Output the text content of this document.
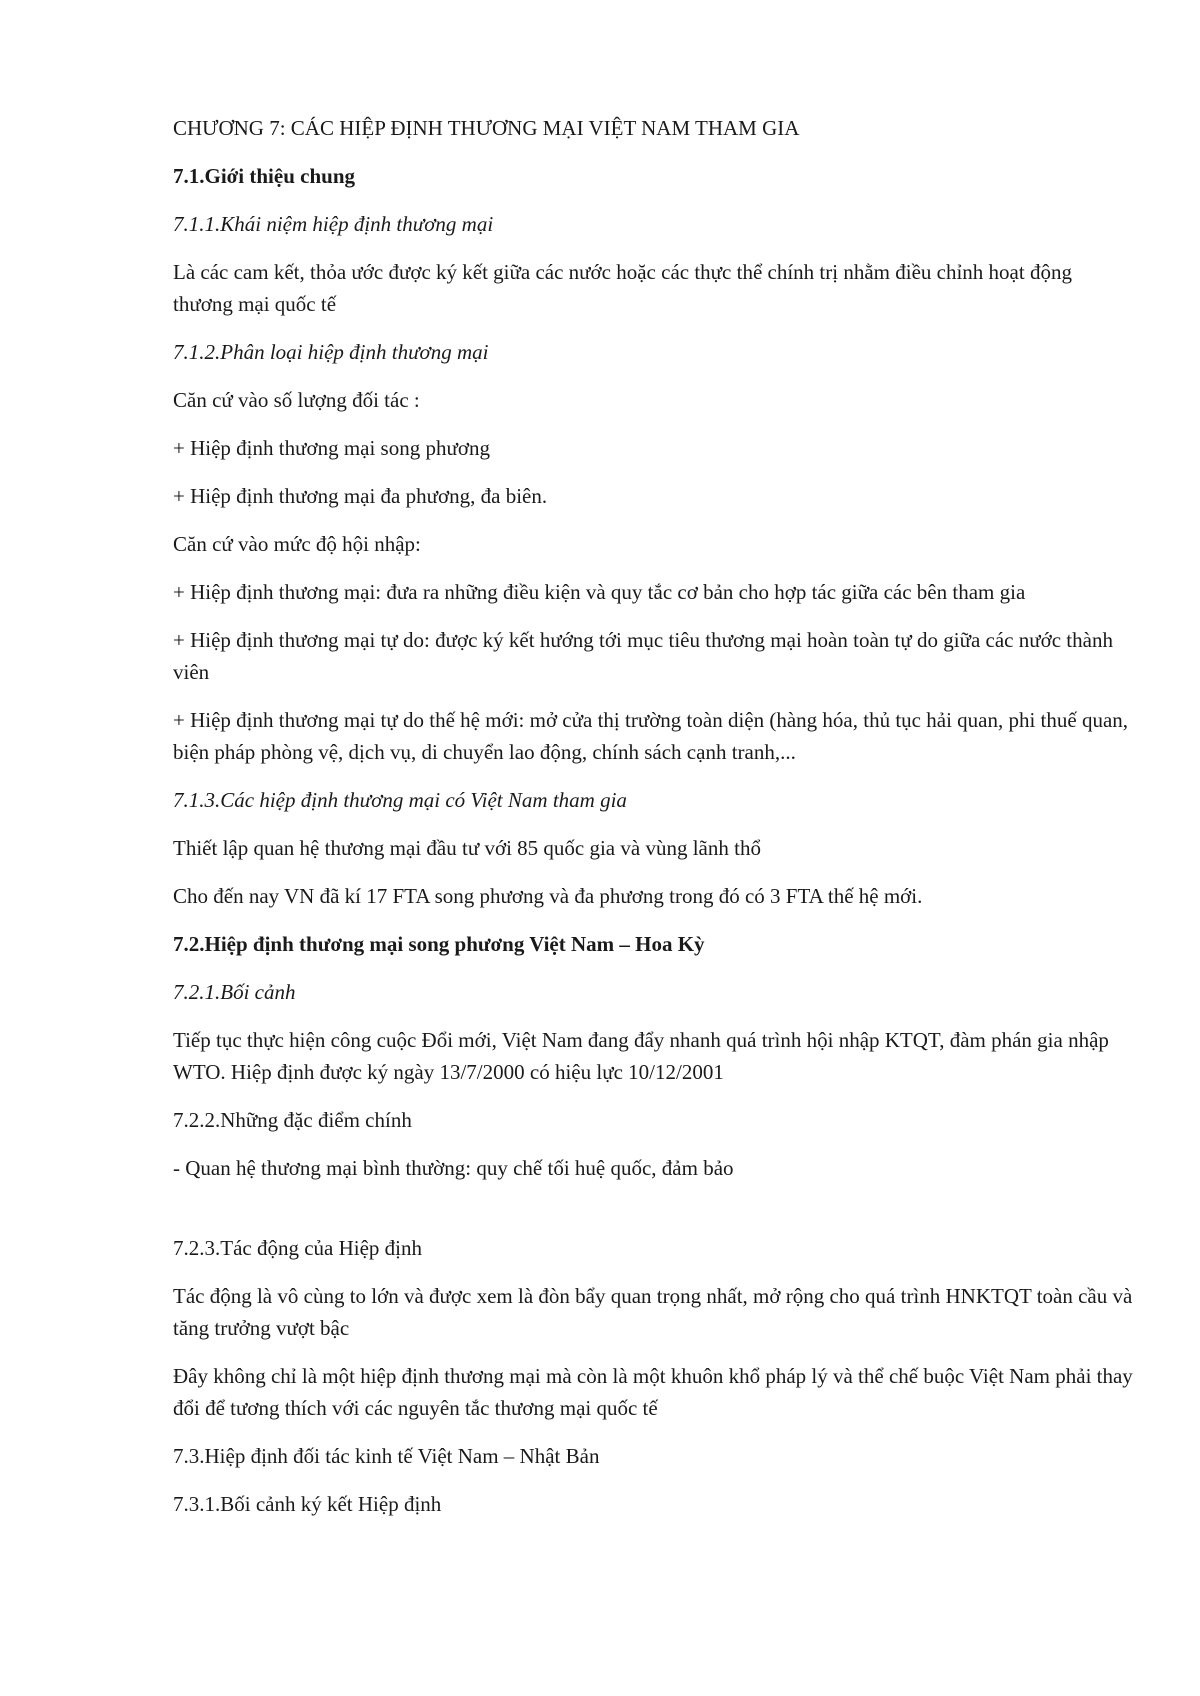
CHƯƠNG 7: CÁC HIỆP ĐỊNH THƯƠNG MẠI VIỆT NAM THAM GIA

7.1.Giới thiệu chung

7.1.1.Khái niệm hiệp định thương mại

Là các cam kết, thỏa ước được ký kết giữa các nước hoặc các thực thể chính trị nhằm điều chỉnh hoạt động thương mại quốc tế

7.1.2.Phân loại hiệp định thương mại

Căn cứ vào số lượng đối tác :

+ Hiệp định thương mại song phương

+ Hiệp định thương mại đa phương, đa biên.

Căn cứ vào mức độ hội nhập:

+ Hiệp định thương mại: đưa ra những điều kiện và quy tắc cơ bản cho hợp tác giữa các bên tham gia

+ Hiệp định thương mại tự do: được ký kết hướng tới mục tiêu thương mại hoàn toàn tự do giữa các nước thành viên

+ Hiệp định thương mại tự do thế hệ mới: mở cửa thị trường toàn diện (hàng hóa, thủ tục hải quan, phi thuế quan, biện pháp phòng vệ, dịch vụ, di chuyển lao động, chính sách cạnh tranh,...

7.1.3.Các hiệp định thương mại có Việt Nam tham gia

Thiết lập quan hệ thương mại đầu tư với 85 quốc gia và vùng lãnh thổ

Cho đến nay VN đã kí 17 FTA song phương và đa phương trong đó có 3 FTA thế hệ mới.

7.2.Hiệp định thương mại song phương Việt Nam – Hoa Kỳ

7.2.1.Bối cảnh

Tiếp tục thực hiện công cuộc Đổi mới, Việt Nam đang đẩy nhanh quá trình hội nhập KTQT, đàm phán gia nhập WTO. Hiệp định được ký ngày 13/7/2000 có hiệu lực 10/12/2001

7.2.2.Những đặc điểm chính

- Quan hệ thương mại bình thường: quy chế tối huệ quốc, đảm bảo

7.2.3.Tác động của Hiệp định

Tác động là vô cùng to lớn và được xem là đòn bẩy quan trọng nhất, mở rộng cho quá trình HNKTQT toàn cầu và tăng trưởng vượt bậc

Đây không chỉ là một hiệp định thương mại mà còn là một khuôn khổ pháp lý và thể chế buộc Việt Nam phải thay đổi để tương thích với các nguyên tắc thương mại quốc tế

7.3.Hiệp định đối tác kinh tế Việt Nam – Nhật Bản

7.3.1.Bối cảnh ký kết Hiệp định
